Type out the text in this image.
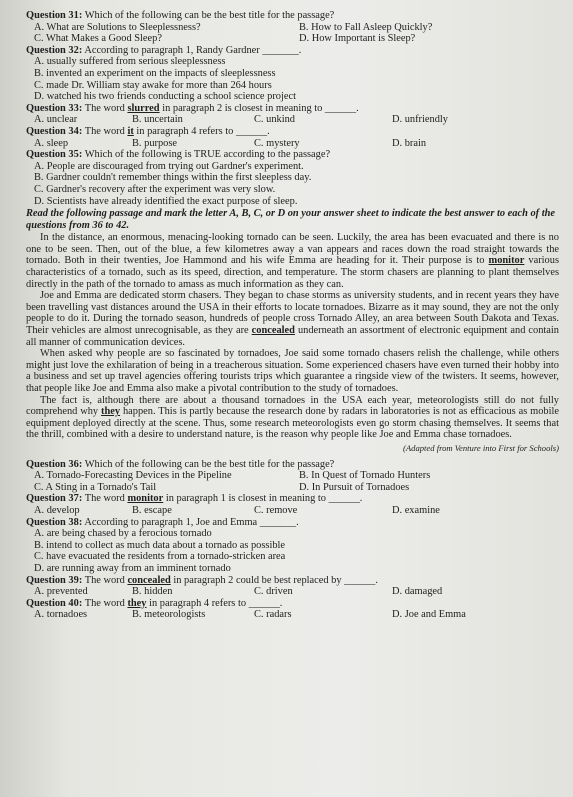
Question 31: Which of the following can be the best title for the passage?
A. What are Solutions to Sleeplessness?	B. How to Fall Asleep Quickly?
C. What Makes a Good Sleep?	D. How Important is Sleep?
Question 32: According to paragraph 1, Randy Gardner _______.
A. usually suffered from serious sleeplessness
B. invented an experiment on the impacts of sleeplessness
C. made Dr. William stay awake for more than 264 hours
D. watched his two friends conducting a school science project
Question 33: The word slurred in paragraph 2 is closest in meaning to ______.
A. unclear	B. uncertain	C. unkind	D. unfriendly
Question 34: The word it in paragraph 4 refers to ______.
A. sleep	B. purpose	C. mystery	D. brain
Question 35: Which of the following is TRUE according to the passage?
A. People are discouraged from trying out Gardner's experiment.
B. Gardner couldn't remember things within the first sleepless day.
C. Gardner's recovery after the experiment was very slow.
D. Scientists have already identified the exact purpose of sleep.
Read the following passage and mark the letter A, B, C, or D on your answer sheet to indicate the best answer to each of the questions from 36 to 42.

In the distance, an enormous, menacing-looking tornado can be seen. Luckily, the area has been evacuated and there is no one to be seen. Then, out of the blue, a few kilometres away a van appears and races down the road straight towards the tornado. Both in their twenties, Joe Hammond and his wife Emma are heading for it. Their purpose is to monitor various characteristics of a tornado, such as its speed, direction, and temperature. The storm chasers are planning to plant themselves directly in the path of the tornado to amass as much information as they can.

Joe and Emma are dedicated storm chasers. They began to chase storms as university students, and in recent years they have been travelling vast distances around the USA in their efforts to locate tornadoes. Bizarre as it may sound, they are not the only people to do it. During the tornado season, hundreds of people cross Tornado Alley, an area between South Dakota and Texas. Their vehicles are almost unrecognisable, as they are concealed underneath an assortment of electronic equipment and contain all manner of communication devices.

When asked why people are so fascinated by tornadoes, Joe said some tornado chasers relish the challenge, while others might just love the exhilaration of being in a treacherous situation. Some experienced chasers have even turned their hobby into a business and set up travel agencies offering tourists trips which guarantee a ringside view of the twisters. It seems, however, that people like Joe and Emma also make a pivotal contribution to the study of tornadoes.

The fact is, although there are about a thousand tornadoes in the USA each year, meteorologists still do not fully comprehend why they happen. This is partly because the research done by radars in laboratories is not as efficacious as mobile equipment deployed directly at the scene. Thus, some research meteorologists even go storm chasing themselves. It seems that the thrill, combined with a desire to understand nature, is the reason why people like Joe and Emma chase tornadoes.

(Adapted from Venture into First for Schools)
Question 36: Which of the following can be the best title for the passage?
A. Tornado-Forecasting Devices in the Pipeline	B. In Quest of Tornado Hunters
C. A Sting in a Tornado's Tail	D. In Pursuit of Tornadoes
Question 37: The word monitor in paragraph 1 is closest in meaning to ______.
A. develop	B. escape	C. remove	D. examine
Question 38: According to paragraph 1, Joe and Emma _______.
A. are being chased by a ferocious tornado
B. intend to collect as much data about a tornado as possible
C. have evacuated the residents from a tornado-stricken area
D. are running away from an imminent tornado
Question 39: The word concealed in paragraph 2 could be best replaced by ______.
A. prevented	B. hidden	C. driven	D. damaged
Question 40: The word they in paragraph 4 refers to ______.
A. tornadoes	B. meteorologists	C. radars	D. Joe and Emma
